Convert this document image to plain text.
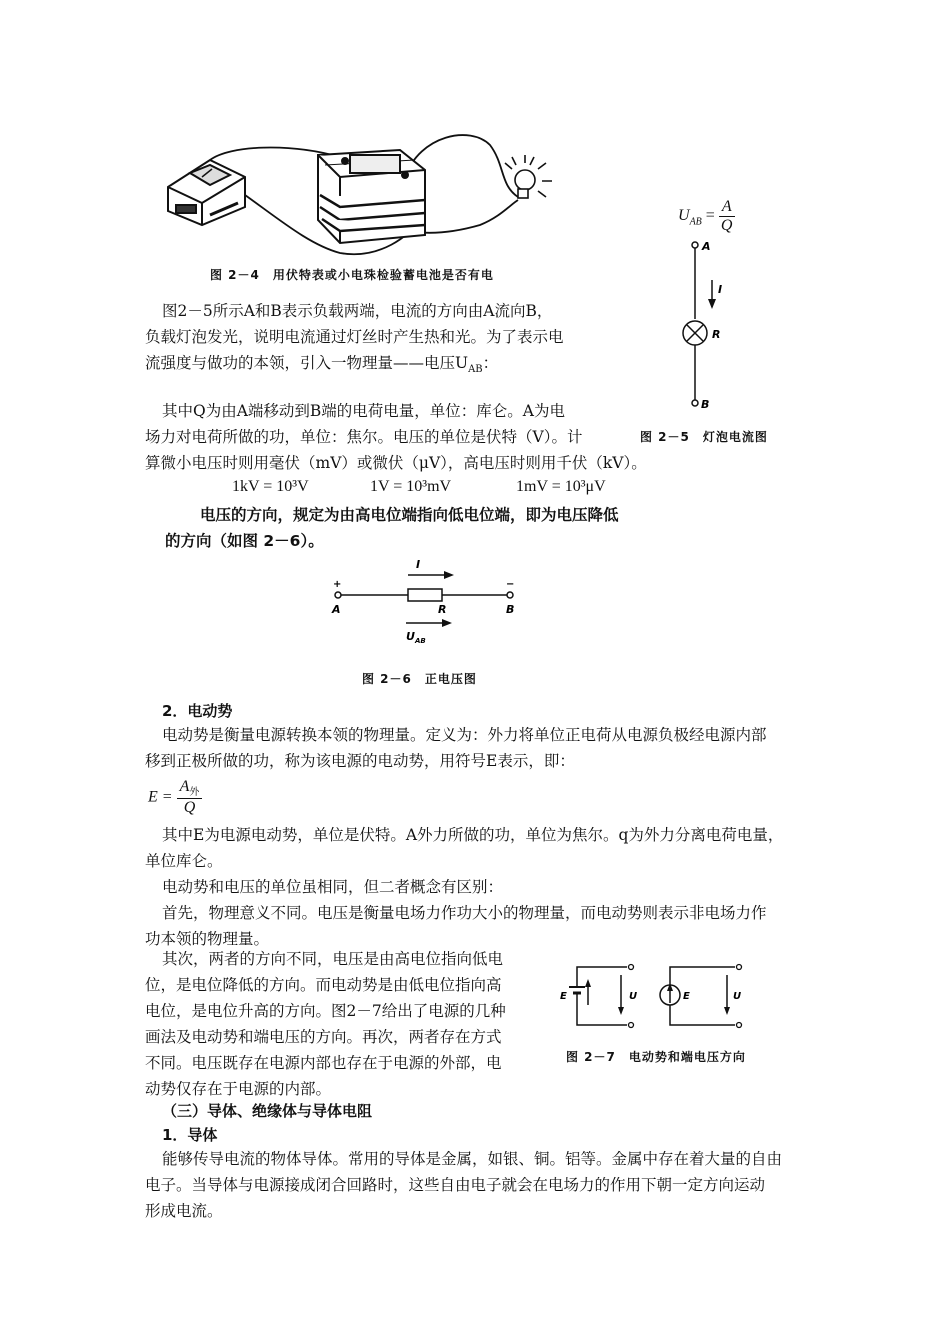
图 2－4　用伏特表或小电珠检验蓄电池是否有电
$U_{AB} = \frac{A}{Q}$
A
I
R
B
图 2－5　灯泡电流图
图2－5所示A和B表示负载两端，电流的方向由A流向B，
负载灯泡发光，说明电流通过灯丝时产生热和光。为了表示电
流强度与做功的本领，引入一物理量——电压$U_{AB}$：
其中Q为由A端移动到B端的电荷电量，单位：库仑。A为电
场力对电荷所做的功，单位：焦尔。电压的单位是伏特（V）。计
算微小电压时则用毫伏（mV）或微伏（μV），高电压时则用千伏（kV）。
1kV = 10³V	1V = 10³mV	1mV = 10³μV
电压的方向，规定为由高电位端指向低电位端，即为电压降低
的方向（如图 2－6）。
I
+	−
A	R	B
$U_{AB}$
图 2－6　正电压图
2．电动势
电动势是衡量电源转换本领的物理量。定义为：外力将单位正电荷从电源负极经电源内部
移到正极所做的功，称为该电源的电动势，用符号E表示，即：
$E = \frac{A_外}{Q}$
其中E为电源电动势，单位是伏特。A外力所做的功，单位为焦尔。q为外力分离电荷电量，
单位库仑。
电动势和电压的单位虽相同，但二者概念有区别：
首先，物理意义不同。电压是衡量电场力作功大小的物理量，而电动势则表示非电场力作
功本领的物理量。
其次，两者的方向不同，电压是由高电位指向低电
位，是电位降低的方向。而电动势是由低电位指向高
电位，是电位升高的方向。图2－7给出了电源的几种
画法及电动势和端电压的方向。再次，两者存在方式
不同。电压既存在电源内部也存在于电源的外部，电
动势仅存在于电源的内部。
E	U	E	U
图 2－7　电动势和端电压方向
（三）导体、绝缘体与导体电阻
1．导体
能够传导电流的物体导体。常用的导体是金属，如银、铜。铝等。金属中存在着大量的自由
电子。当导体与电源接成闭合回路时，这些自由电子就会在电场力的作用下朝一定方向运动
形成电流。
